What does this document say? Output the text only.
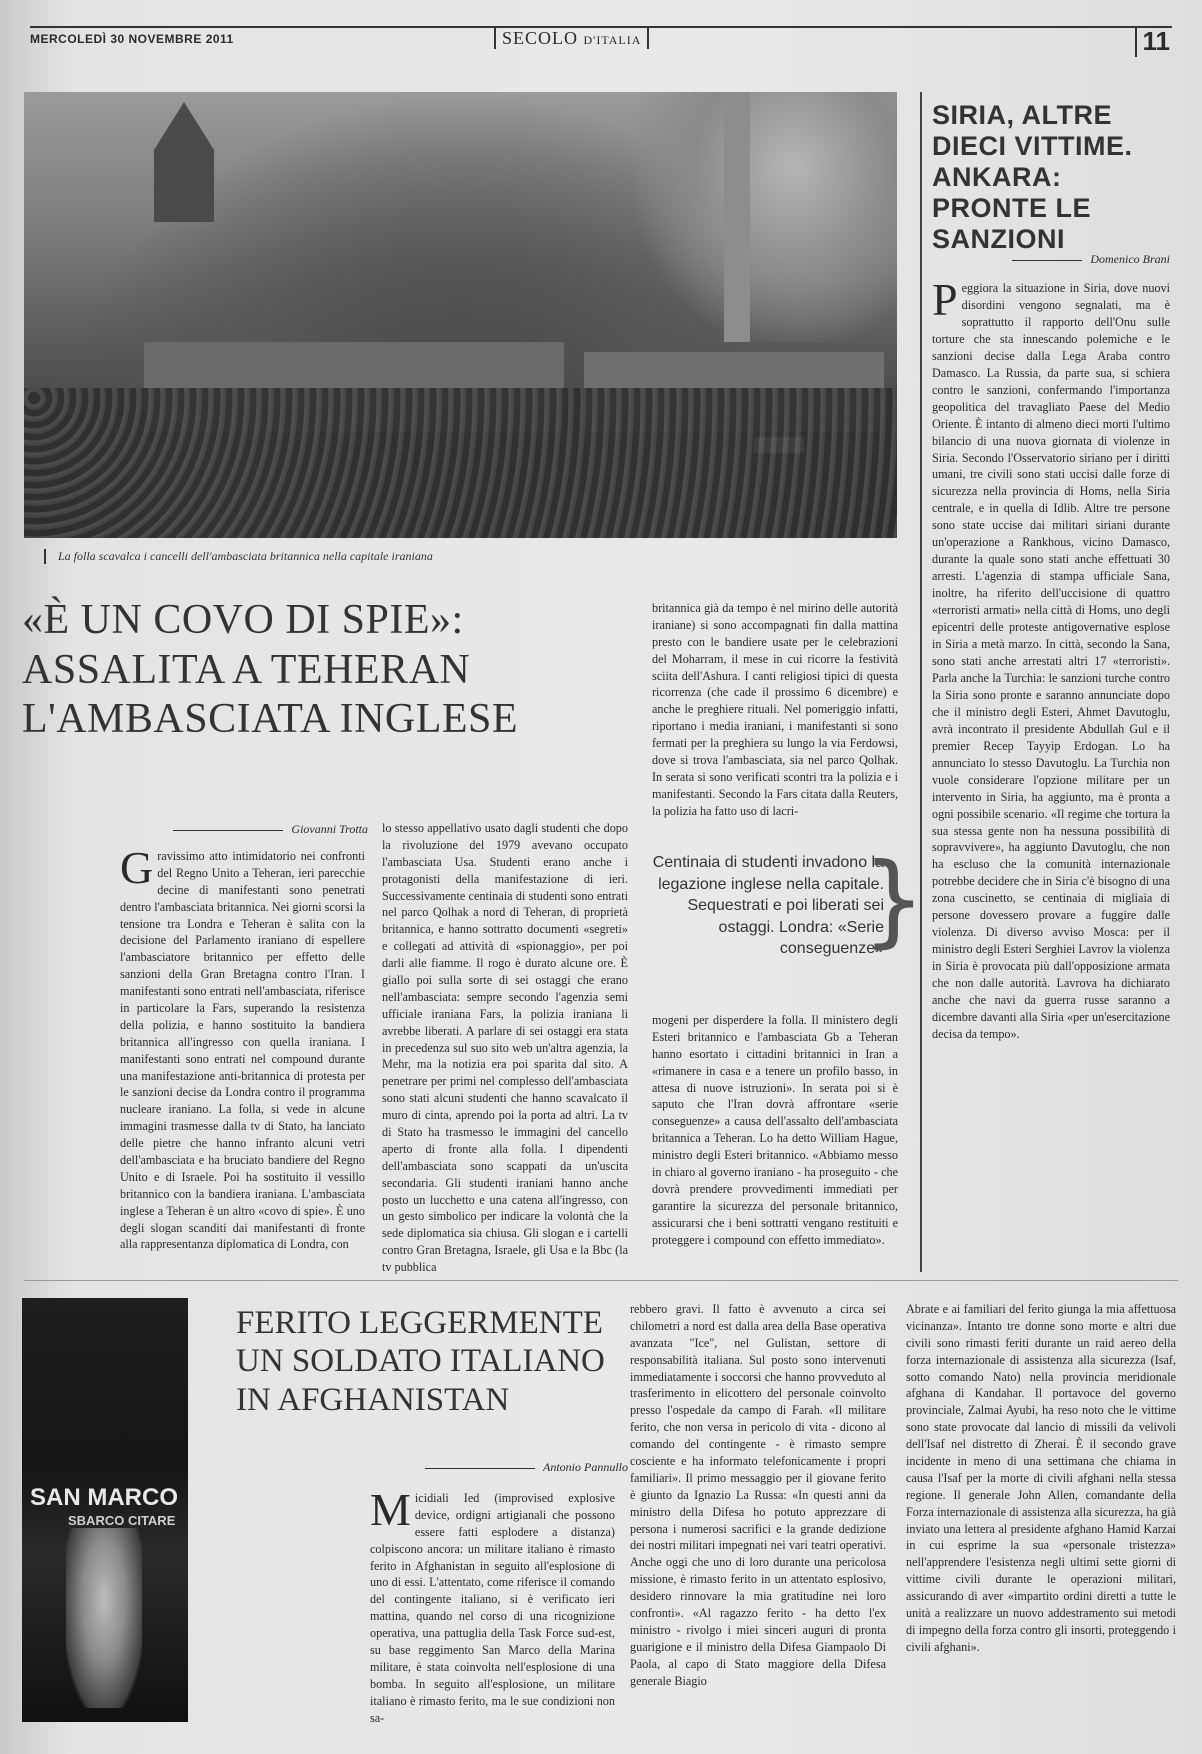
MERCOLEDÌ 30 NOVEMBRE 2011	SECOLO D'ITALIA	11
La folla scavalca i cancelli dell'ambasciata britannica nella capitale iraniana
SIRIA, ALTRE DIECI VITTIME. ANKARA: PRONTE LE SANZIONI
Domenico Brani
Peggiora la situazione in Siria, dove nuovi disordini vengono segnalati, ma è soprattutto il rapporto dell'Onu sulle torture che sta innescando polemiche e le sanzioni decise dalla Lega Araba contro Damasco. La Russia, da parte sua, si schiera contro le sanzioni, confermando l'importanza geopolitica del travagliato Paese del Medio Oriente. È intanto di almeno dieci morti l'ultimo bilancio di una nuova giornata di violenze in Siria. Secondo l'Osservatorio siriano per i diritti umani, tre civili sono stati uccisi dalle forze di sicurezza nella provincia di Homs, nella Siria centrale, e in quella di Idlib. Altre tre persone sono state uccise dai militari siriani durante un'operazione a Rankhous, vicino Damasco, durante la quale sono stati anche effettuati 30 arresti. L'agenzia di stampa ufficiale Sana, inoltre, ha riferito dell'uccisione di quattro «terroristi armati» nella città di Homs, uno degli epicentri delle proteste antigovernative esplose in Siria a metà marzo. In città, secondo la Sana, sono stati anche arrestati altri 17 «terroristi». Parla anche la Turchia: le sanzioni turche contro la Siria sono pronte e saranno annunciate dopo che il ministro degli Esteri, Ahmet Davutoglu, avrà incontrato il presidente Abdullah Gul e il premier Recep Tayyip Erdogan. Lo ha annunciato lo stesso Davutoglu. La Turchia non vuole considerare l'opzione militare per un intervento in Siria, ha aggiunto, ma è pronta a ogni possibile scenario. «Il regime che tortura la sua stessa gente non ha nessuna possibilità di sopravvivere», ha aggiunto Davutoglu, che non ha escluso che la comunità internazionale potrebbe decidere che in Siria c'è bisogno di una zona cuscinetto, se centinaia di migliaia di persone dovessero provare a fuggire dalle violenza. Di diverso avviso Mosca: per il ministro degli Esteri Serghiei Lavrov la violenza in Siria è provocata più dall'opposizione armata che non dalle autorità. Lavrova ha dichiarato anche che navi da guerra russe saranno a dicembre davanti alla Siria «per un'esercitazione decisa da tempo».
«È UN COVO DI SPIE»: ASSALITA A TEHERAN L'AMBASCIATA INGLESE
Giovanni Trotta
Gravissimo atto intimidatorio nei confronti del Regno Unito a Teheran, ieri parecchie decine di manifestanti sono penetrati dentro l'ambasciata britannica. Nei giorni scorsi la tensione tra Londra e Teheran è salita con la decisione del Parlamento iraniano di espellere l'ambasciatore britannico per effetto delle sanzioni della Gran Bretagna contro l'Iran. I manifestanti sono entrati nell'ambasciata, riferisce in particolare la Fars, superando la resistenza della polizia, e hanno sostituito la bandiera britannica all'ingresso con quella iraniana. I manifestanti sono entrati nel compound durante una manifestazione anti-britannica di protesta per le sanzioni decise da Londra contro il programma nucleare iraniano. La folla, si vede in alcune immagini trasmesse dalla tv di Stato, ha lanciato delle pietre che hanno infranto alcuni vetri dell'ambasciata e ha bruciato bandiere del Regno Unito e di Israele. Poi ha sostituito il vessillo britannico con la bandiera iraniana. L'ambasciata inglese a Teheran è un altro «covo di spie». È uno degli slogan scanditi dai manifestanti di fronte alla rappresentanza diplomatica di Londra, con
lo stesso appellativo usato dagli studenti che dopo la rivoluzione del 1979 avevano occupato l'ambasciata Usa. Studenti erano anche i protagonisti della manifestazione di ieri. Successivamente centinaia di studenti sono entrati nel parco Qolhak a nord di Teheran, di proprietà britannica, e hanno sottratto documenti «segreti» e collegati ad attività di «spionaggio», per poi darli alle fiamme. Il rogo è durato alcune ore. È giallo poi sulla sorte di sei ostaggi che erano nell'ambasciata: sempre secondo l'agenzia semi ufficiale iraniana Fars, la polizia iraniana li avrebbe liberati. A parlare di sei ostaggi era stata in precedenza sul suo sito web un'altra agenzia, la Mehr, ma la notizia era poi sparita dal sito. A penetrare per primi nel complesso dell'ambasciata sono stati alcuni studenti che hanno scavalcato il muro di cinta, aprendo poi la porta ad altri. La tv di Stato ha trasmesso le immagini del cancello aperto di fronte alla folla. I dipendenti dell'ambasciata sono scappati da un'uscita secondaria. Gli studenti iraniani hanno anche posto un lucchetto e una catena all'ingresso, con un gesto simbolico per indicare la volontà che la sede diplomatica sia chiusa. Gli slogan e i cartelli contro Gran Bretagna, Israele, gli Usa e la Bbc (la tv pubblica
britannica già da tempo è nel mirino delle autorità iraniane) si sono accompagnati fin dalla mattina presto con le bandiere usate per le celebrazioni del Moharram, il mese in cui ricorre la festività sciita dell'Ashura. I canti religiosi tipici di questa ricorrenza (che cade il prossimo 6 dicembre) e anche le preghiere rituali. Nel pomeriggio infatti, riportano i media iraniani, i manifestanti si sono fermati per la preghiera su lungo la via Ferdowsi, dove si trova l'ambasciata, sia nel parco Qolhak. In serata si sono verificati scontri tra la polizia e i manifestanti. Secondo la Fars citata dalla Reuters, la polizia ha fatto uso di lacri-
Centinaia di studenti invadono la legazione inglese nella capitale. Sequestrati e poi liberati sei ostaggi. Londra: «Serie conseguenze»
}
mogeni per disperdere la folla. Il ministero degli Esteri britannico e l'ambasciata Gb a Teheran hanno esortato i cittadini britannici in Iran a «rimanere in casa e a tenere un profilo basso, in attesa di nuove istruzioni». In serata poi si è saputo che l'Iran dovrà affrontare «serie conseguenze» a causa dell'assalto dell'ambasciata britannica a Teheran. Lo ha detto William Hague, ministro degli Esteri britannico. «Abbiamo messo in chiaro al governo iraniano - ha proseguito - che dovrà prendere provvedimenti immediati per garantire la sicurezza del personale britannico, assicurarsi che i beni sottratti vengano restituiti e proteggere i compound con effetto immediato».
SAN MARCO
SBARCO CITARE
FERITO LEGGERMENTE UN SOLDATO ITALIANO IN AFGHANISTAN
Antonio Pannullo
Micidiali Ied (improvised explosive device, ordigni artigianali che possono essere fatti esplodere a distanza) colpiscono ancora: un militare italiano è rimasto ferito in Afghanistan in seguito all'esplosione di uno di essi. L'attentato, come riferisce il comando del contingente italiano, si è verificato ieri mattina, quando nel corso di una ricognizione operativa, una pattuglia della Task Force sud-est, su base reggimento San Marco della Marina militare, è stata coinvolta nell'esplosione di una bomba. In seguito all'esplosione, un militare italiano è rimasto ferito, ma le sue condizioni non sa-
rebbero gravi. Il fatto è avvenuto a circa sei chilometri a nord est dalla area della Base operativa avanzata "Ice", nel Gulistan, settore di responsabilità italiana. Sul posto sono intervenuti immediatamente i soccorsi che hanno provveduto al trasferimento in elicottero del personale coinvolto presso l'ospedale da campo di Farah. «Il militare ferito, che non versa in pericolo di vita - dicono al comando del contingente - è rimasto sempre cosciente e ha informato telefonicamente i propri familiari». Il primo messaggio per il giovane ferito è giunto da Ignazio La Russa: «In questi anni da ministro della Difesa ho potuto apprezzare di persona i numerosi sacrifici e la grande dedizione dei nostri militari impegnati nei vari teatri operativi. Anche oggi che uno di loro durante una pericolosa missione, è rimasto ferito in un attentato esplosivo, desidero rinnovare la mia gratitudine nei loro confronti». «Al ragazzo ferito - ha detto l'ex ministro - rivolgo i miei sinceri auguri di pronta guarigione e il ministro della Difesa Giampaolo Di Paola, al capo di Stato maggiore della Difesa generale Biagio
Abrate e ai familiari del ferito giunga la mia affettuosa vicinanza». Intanto tre donne sono morte e altri due civili sono rimasti feriti durante un raid aereo della forza internazionale di assistenza alla sicurezza (Isaf, sotto comando Nato) nella provincia meridionale afghana di Kandahar. Il portavoce del governo provinciale, Zalmai Ayubi, ha reso noto che le vittime sono state provocate dal lancio di missili da velivoli dell'Isaf nel distretto di Zherai. È il secondo grave incidente in meno di una settimana che chiama in causa l'Isaf per la morte di civili afghani nella stessa regione. Il generale John Allen, comandante della Forza internazionale di assistenza alla sicurezza, ha già inviato una lettera al presidente afghano Hamid Karzai in cui esprime la sua «personale tristezza» nell'apprendere l'esistenza negli ultimi sette giorni di vittime civili durante le operazioni militari, assicurando di aver «impartito ordini diretti a tutte le unità a realizzare un nuovo addestramento sui metodi di impegno della forza contro gli insorti, proteggendo i civili afghani».
